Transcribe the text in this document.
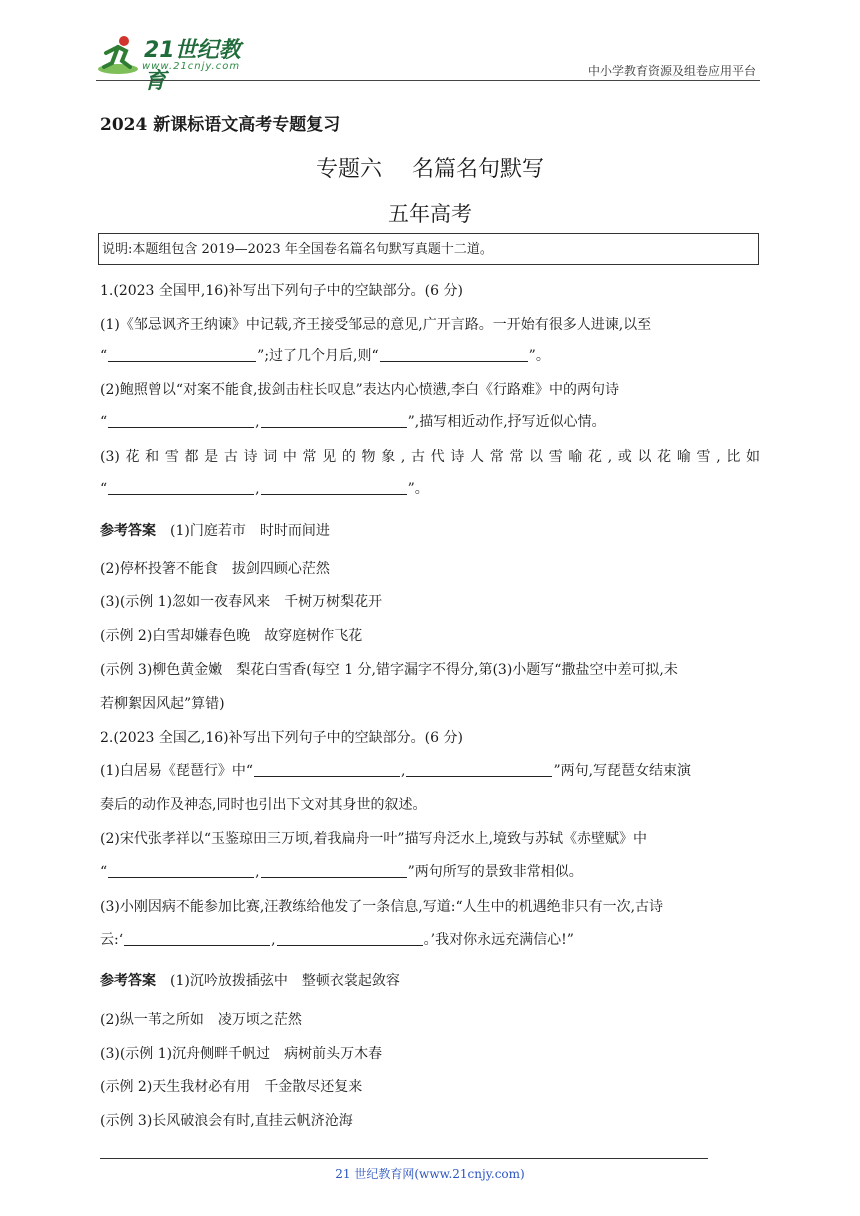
21世纪教育
www.21cnjy.com	中小学教育资源及组卷应用平台
2024 新课标语文高考专题复习
专题六 名篇名句默写
五年高考
说明:本题组包含 2019—2023 年全国卷名篇名句默写真题十二道。
1.(2023 全国甲,16)补写出下列句子中的空缺部分。(6 分)
(1)《邹忌讽齐王纳谏》中记载,齐王接受邹忌的意见,广开言路。一开始有很多人进谏,以至
“	”;过了几个月后,则“	”。
(2)鲍照曾以“对案不能食,拔剑击柱长叹息”表达内心愤懑,李白《行路难》中的两句诗
“	,	”,描写相近动作,抒写近似心情。
(3)花和雪都是古诗词中常见的物象,古代诗人常常以雪喻花,或以花喻雪,比如
“	,	”。
参考答案 (1)门庭若市　时时而间进
(2)停杯投箸不能食　拔剑四顾心茫然
(3)(示例 1)忽如一夜春风来　千树万树梨花开
(示例 2)白雪却嫌春色晚　故穿庭树作飞花
(示例 3)柳色黄金嫩　梨花白雪香(每空 1 分,错字漏字不得分,第(3)小题写“撒盐空中差可拟,未
若柳絮因风起”算错)
2.(2023 全国乙,16)补写出下列句子中的空缺部分。(6 分)
(1)白居易《琵琶行》中“	,	”两句,写琵琶女结束演
奏后的动作及神态,同时也引出下文对其身世的叙述。
(2)宋代张孝祥以“玉鉴琼田三万顷,着我扁舟一叶”描写舟泛水上,境致与苏轼《赤壁赋》中
“	,	”两句所写的景致非常相似。
(3)小刚因病不能参加比赛,汪教练给他发了一条信息,写道:“人生中的机遇绝非只有一次,古诗
云:‘	,	。’我对你永远充满信心!”
参考答案 (1)沉吟放拨插弦中　整顿衣裳起敛容
(2)纵一苇之所如　凌万顷之茫然
(3)(示例 1)沉舟侧畔千帆过　病树前头万木春
(示例 2)天生我材必有用　千金散尽还复来
(示例 3)长风破浪会有时,直挂云帆济沧海
21 世纪教育网(www.21cnjy.com)
